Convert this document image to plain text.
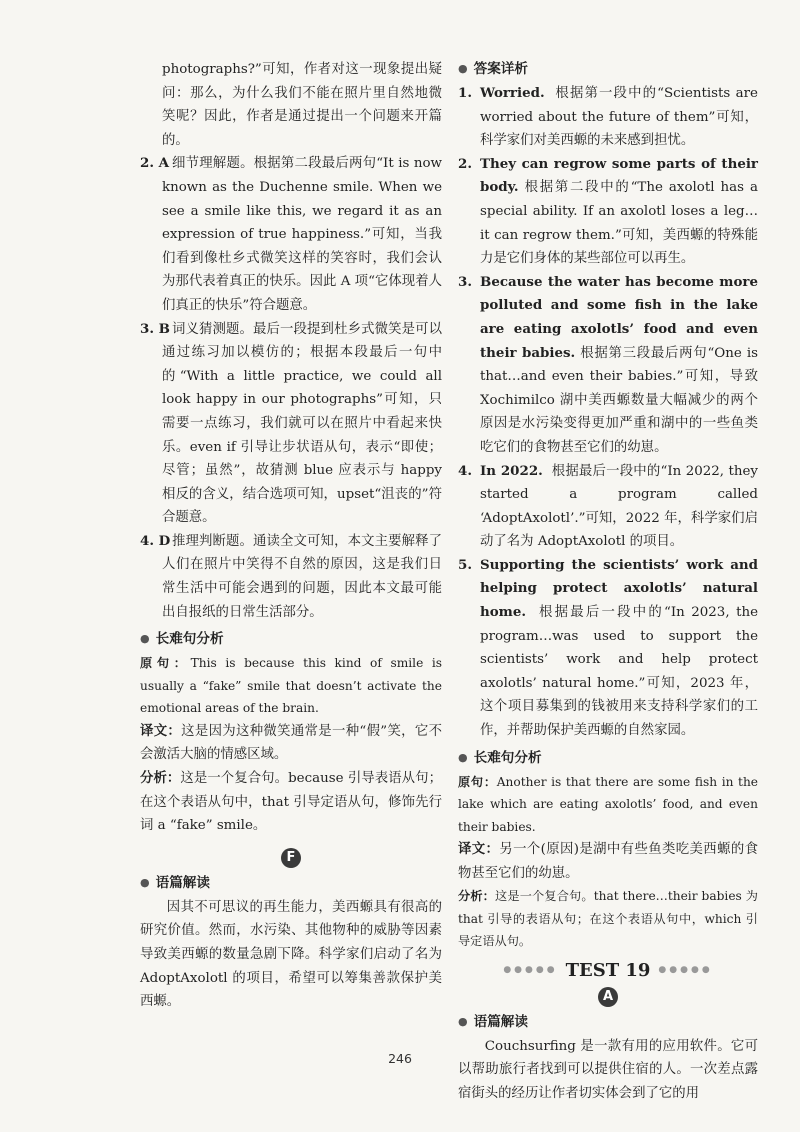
photographs?”可知，作者对这一现象提出疑问：那么，为什么我们不能在照片里自然地微笑呢？因此，作者是通过提出一个问题来开篇的。

2. A 细节理解题。根据第二段最后两句“It is now known as the Duchenne smile. When we see a smile like this, we regard it as an expression of true happiness.”可知，当我们看到像杜乡式微笑这样的笑容时，我们会认为那代表着真正的快乐。因此 A 项“它体现着人们真正的快乐”符合题意。

3. B 词义猜测题。最后一段提到杜乡式微笑是可以通过练习加以模仿的；根据本段最后一句中的“With a little practice, we could all look happy in our photographs”可知，只需要一点练习，我们就可以在照片中看起来快乐。even if 引导让步状语从句，表示“即使；尽管；虽然”，故猜测 blue 应表示与 happy 相反的含义，结合选项可知，upset“沮丧的”符合题意。

4. D 推理判断题。通读全文可知，本文主要解释了人们在照片中笑得不自然的原因，这是我们日常生活中可能会遇到的问题，因此本文最可能出自报纸的日常生活部分。

● 长难句分析

原句：This is because this kind of smile is usually a “fake” smile that doesn’t activate the emotional areas of the brain.

译文：这是因为这种微笑通常是一种“假”笑，它不会激活大脑的情感区域。

分析：这是一个复合句。because 引导表语从句；在这个表语从句中，that 引导定语从句，修饰先行词 a “fake” smile。

F
● 语篇解读

因其不可思议的再生能力，美西螈具有很高的研究价值。然而，水污染、其他物种的威胁等因素导致美西螈的数量急剧下降。科学家们启动了名为 AdoptAxolotl 的项目，希望可以筹集善款保护美西螈。

● 答案详析

1. Worried. 根据第一段中的“Scientists are worried about the future of them”可知，科学家们对美西螈的未来感到担忧。

2. They can regrow some parts of their body. 根据第二段中的“The axolotl has a special ability. If an axolotl loses a leg…it can regrow them.”可知，美西螈的特殊能力是它们身体的某些部位可以再生。

3. Because the water has become more polluted and some fish in the lake are eating axolotls’ food and even their babies. 根据第三段最后两句“One is that…and even their babies.”可知，导致 Xochimilco 湖中美西螈数量大幅减少的两个原因是水污染变得更加严重和湖中的一些鱼类吃它们的食物甚至它们的幼崽。

4. In 2022. 根据最后一段中的“In 2022, they started a program called ‘AdoptAxolotl’.”可知，2022 年，科学家们启动了名为 AdoptAxolotl 的项目。

5. Supporting the scientists’ work and helping protect axolotls’ natural home. 根据最后一段中的“In 2023, the program…was used to support the scientists’ work and help protect axolotls’ natural home.”可知，2023 年，这个项目募集到的钱被用来支持科学家们的工作，并帮助保护美西螈的自然家园。

● 长难句分析

原句：Another is that there are some fish in the lake which are eating axolotls’ food, and even their babies.

译文：另一个(原因)是湖中有些鱼类吃美西螈的食物甚至它们的幼崽。

分析：这是一个复合句。that there…their babies 为 that 引导的表语从句；在这个表语从句中，which 引导定语从句。

●●●●● TEST 19 ●●●●●
A
● 语篇解读

Couchsurfing 是一款有用的应用软件。它可以帮助旅行者找到可以提供住宿的人。一次差点露宿街头的经历让作者切实体会到了它的用

246
